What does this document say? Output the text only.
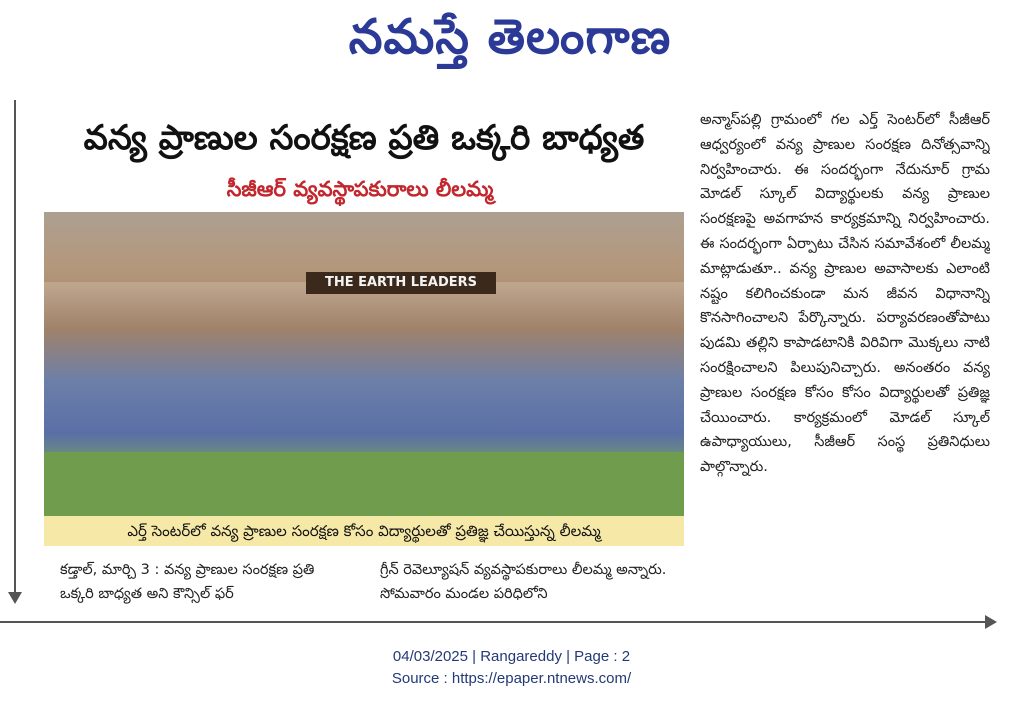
నమస్తే తెలంగాణ
వన్య ప్రాణుల సంరక్షణ ప్రతి ఒక్కరి బాధ్యత
సీజీఆర్ వ్యవస్థాపకురాలు లీలమ్మ
THE EARTH LEADERS
ఎర్త్ సెంటర్‌లో వన్య ప్రాణుల సంరక్షణ కోసం విద్యార్థులతో ప్రతిజ్ఞ చేయిస్తున్న లీలమ్మ
కడ్తాల్, మార్చి 3 : వన్య ప్రాణుల సంరక్షణ ప్రతి ఒక్కరి బాధ్యత అని కౌన్సిల్ ఫర్
గ్రీన్ రెవెల్యూషన్ వ్యవస్థాపకురాలు లీలమ్మ అన్నారు. సోమవారం మండల పరిధిలోని
అన్మాస్‌పల్లి గ్రామంలో గల ఎర్త్ సెంటర్‌లో సీజీఆర్ ఆధ్వర్యంలో వన్య ప్రాణుల సంరక్షణ దినోత్సవాన్ని నిర్వహించారు. ఈ సందర్భంగా నేదునూర్ గ్రామ మోడల్ స్కూల్ విద్యార్థులకు వన్య ప్రాణుల సంరక్షణపై అవగాహన కార్యక్రమాన్ని నిర్వహించారు. ఈ సందర్భంగా ఏర్పాటు చేసిన సమావేశంలో లీలమ్మ మాట్లాడుతూ.. వన్య ప్రాణుల అవాసాలకు ఎలాంటి నష్టం కలిగించకుండా మన జీవన విధానాన్ని కొనసాగించాలని పేర్కొన్నారు. పర్యావరణంతోపాటు పుడమి తల్లిని కాపాడటానికి విరివిగా మొక్కలు నాటి సంరక్షించాలని పిలుపునిచ్చారు. అనంతరం వన్య ప్రాణుల సంరక్షణ కోసం కోసం విద్యార్థులతో ప్రతిజ్ఞ చేయించారు. కార్యక్రమంలో మోడల్ స్కూల్ ఉపాధ్యాయులు, సీజీఆర్ సంస్థ ప్రతినిధులు పాల్గొన్నారు.
04/03/2025 | Rangareddy | Page : 2
Source : https://epaper.ntnews.com/
